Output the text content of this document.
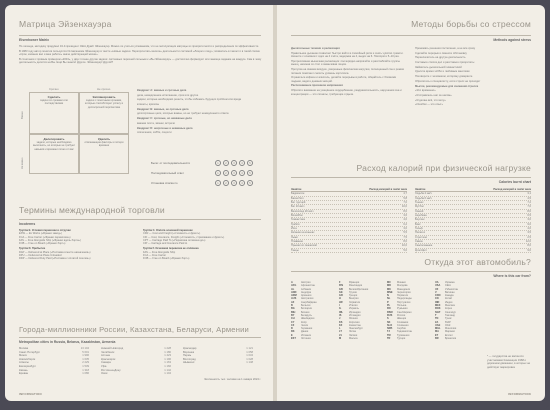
Матрица Эйзенхауэра
Eisenhower Matrix

По легенде, методику придумал 34-й президент США Дуайт Эйзенхауэр. Можно ли учиться успеваниям, что не эксплуатация матрицы из приоритетности и распределения по эффективности.

В 1983 году автор понятия пользуется Оглавлением Эйзенхауэр в тексте «Новые задачи. Перепрочитать многие» деятельности системой «Лицом к лицу»; появилось в таком то в такой списке «Срок, касание вас и ваш работе» иначе действующей жизни».

В сочетании с прямым примером «2004», у двух точнее другие задачи: системных перечней сильным к «Вы Эйзенхауэр» — достаточно формирует или заниеце задание на каждую. Сам в чему деятельность делится на Вы. Ещё Вы знаете! Другое. Эйзенхауэр! Другой?

Срочно	Не срочно
Важно
Не важно
Сделать
задачи со сроками или последствиями
Запланировать
задачи с понятными сроками, которые способствуют успеху в долгосрочной перспективе
Делегировать
задачи, которые необходимо выполнить, но которые не требуют навыков и времени лично от вас
Удалить
отвлекающие факторы и потери времени

Квадрант А: важные и срочные дела

дела, немедленное исполнение, срок или другое

задачи, которые необходимо решить, чтобы избежать будущих проблем или вреда

клиенты, кризисы

Квадрант B: важные, не срочные дела

долгосрочные цели, которые важны, но не требуют немедленного ответа

Квадрант С: срочные, но неважные дела

важная почта, звонки, встречи

Квадрант D: несрочные и неважные дела

отвлечения, хобби, соцсети

Было: от последовательности
Последовательный ответ
Установка списка по
1	2	3	4	5
1	2	3	4	5
1	2	3	4	5
Термины международной торговли
Incoterms
Группа E. Условия перевозки и отгрузки
EXW — Ex Works («Франко завод»)
FCA — Free Carrier («Франко перевозчик»)
FAS — Free Alongside Ship («Франко вдоль борта»)
FOB — Free on Board («Франко борт»)
Группа D. Прибытие
DAP — Delivered at Place («Поставка в месте назначения»)
DPU — Delivered at Place Unloaded
DDP — Delivered Duty Paid («Поставка с оплатой пошлин»)
Группа C. Оплата основной перевозки
CFR — Cost and Freight («Стоимость и фрахт»)
CIF — Cost, Insurance, Freight («Стоимость, страхование и фрахт»)
CPT — Carriage Paid To («Перевозка оплачена до»)
CIP — Carriage and Insurance Paid to
Группа F. Основная перевозка не оплачена
FAS — Free Alongside Ship
FCA — Free Carrier
FOB — Free on Board («Франко борт»)
Города-миллионники России, Казахстана, Беларуси, Армении
Metropolitan cities in Russia, Belarus, Kazakhstan, Armenia
Москва	13 104
Санкт-Петербург	5 601
Минск	1 996
Новосибирск	1 635
Алматы	2 229
Екатеринбург	1 539
Казань	1 318
Ереван	1 086
Нижний Новгород	1 228
Челябинск	1 180
Астана	1 423
Красноярск	1 196
Самара	1 163
Уфа	1 166
Ростов-на-Дону	1 142
Омск	1 104
Краснодар	1 121
Воронеж	1 058
Пермь	1 034
Волгоград	1 028
Шымкент	1 148
Численность тыс. человек на 1 января 2024 г.
INFORMATION
Методы борьбы со стрессом
Methods against stress

Дыхательные техники и релаксация

Правильное дыхание позволяет быстро войти в спокойный ритм и снять чувство тревоги. Начните с основного: вдох на 4 счёта, задержка на 4, выдох на 6. Повторите 5–10 раз.

Прогрессивная мышечная релаксация: поочерёдно напрягайте и расслабляйте группы мышц, начиная со стоп и заканчивая лицом.

Прогулка на свежем воздухе, умеренные физические нагрузки, полноценный сон и режим питания помогают снизить уровень кортизола.

Ограничьте кофеин и алкоголь, делайте перерывы в работе, общайтесь с близкими людьми, ведите дневник эмоций.

Распознавание признаков напряжения

Обратите внимание на учащённое сердцебиение, раздражительность, нарушения сна и концентрации — это сигналы, требующие отдыха.

Принимать решения постепенно, а не все сразу

Сделайте перерыв и смените обстановку

Переключитесь на другую деятельность

Составьте список дел и расставьте приоритеты

Займитесь дыхательной гимнастикой

Уделите время хобби и любимым занятиям

Поговорите с человеком, которому доверяете

Обратитесь к специалисту, если стресс не проходит

Мысли, рекомендуемые для снижения стресса

«Это временно»

«Я справлюсь шаг за шагом»

«Я делаю всё, что могу»

«Ошибки — это опыт»

Расход калорий при физической нагрузке
Calories burnt chart
Занятие	Расход калорий в час/кг веса
Бадминтон	4,7
Баскетбол	5,8
Бег трусцой	7,0
Бег 10 км/ч	10,0
Велосипед 20 км/ч	8,0
Волейбол	3,6
Гимнастика	4,0
Гребля	6,2
Йога	3,0
Катание на коньках	5,5
Лыжи	7,5
Плавание	8,0
Прыжки со скакалкой	10,0
Танцы	5,0
Занятие	Расход калорий в час/кг веса
Ходьба 4 км/ч	3,1
Ходьба 6 км/ч	4,5
Теннис	7,2
Футбол	7,0
Хоккей	8,0
Аэробика	6,5
Боулинг	3,0
Бокс	9,0
Гольф	4,0
Пилатес	3,5
Стретчинг	2,5
Сквош	12,0
Скалолазание	8,0
Кроссфит	9,0
Откуда этот автомобиль?
Where is this car from?
A	Австрия
AFG	Афганистан
AL	Албания
AND	Андорра
ARM	Армения
AUS	Австралия
AZ	Азербайджан
B	Бельгия
BG	Болгария
BIH	Босния
BY	Беларусь
CH	Швейцария
CY	Кипр
CZ	Чехия
D	Германия
DK	Дания
E	Испания
EST	Эстония
F	Франция
FIN	Финляндия
GB	Великобритания
GE	Грузия
GR	Греция
H	Венгрия
HR	Хорватия
I	Италия
IL	Израиль
IRL	Ирландия
IS	Исландия
J	Япония
KS	Киргизия
KZ	Казахстан
L	Люксембург
LT	Литва
LV	Латвия
M	Мальта
MC	Монако
MD	Молдова
MK	Македония
MNE	Черногория
N	Норвегия
NL	Нидерланды
P	Португалия
PL	Польша
RO	Румыния
RSM	Сан-Марино
RUS	Россия
S	Швеция
SK	Словакия
SLO	Словения
SRB	Сербия
TJ	Таджикистан
TM	Туркмения
TR	Турция
UA	Украина
USA	США
UZ	Узбекистан
V	Ватикан
CDN	Канада
CN	Китай
IND	Индия
MEX	Мексика
ROK	Корея
SGP	Сингапур
T	Таиланд
TN	Тунис
ZA	ЮАР
UAE	ОАЭ
MGL	Монголия
MA	Марокко
ET	Египет
BR	Бразилия
* — государства не являются участниками Конвенции 1968 о дорожном движении, в которых не действует маркировка
INFORMATION
